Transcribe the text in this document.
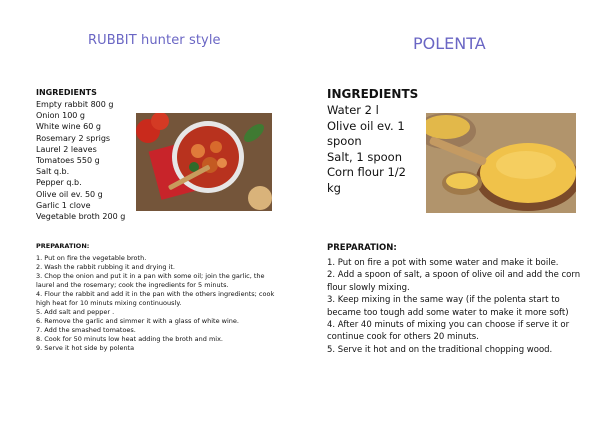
RUBBIT hunter style
INGREDIENTS
Empty rabbit 800 g
Onion 100 g
White wine 60 g
Rosemary 2 sprigs
Laurel 2 leaves
Tomatoes 550 g
Salt q.b.
Pepper q.b.
Olive oil ev. 50 g
Garlic 1 clove
Vegetable broth 200 g
PREPARATION:
1. Put on fire the vegetable broth.
2. Wash the rabbit rubbing it and drying it.
3. Chop the onion and put it in a pan with some oil; join the garlic, the laurel and the rosemary; cook the ingredients for 5 minuts.
4. Flour the rabbit and add it in the pan with the others ingredients; cook high heat for 10 minuts mixing continuously.
5. Add salt and pepper .
6. Remove the garlic and simmer it with a glass of white wine.
7. Add the smashed tomatoes.
8. Cook for 50 minuts low heat adding the broth and mix.
9. Serve it hot side by polenta
POLENTA
INGREDIENTS
Water 2 l
Olive oil ev. 1 spoon
Salt, 1 spoon
Corn flour 1/2 kg
PREPARATION:
1. Put on fire a pot with some water and make it boile.
2. Add a spoon of salt, a spoon of olive oil and add the corn flour slowly mixing.
3. Keep mixing in the same way (if the polenta start to became too tough add some water to make it more soft)
4. After 40 minuts of mixing you can choose if serve it or continue cook for others 20 minuts.
5. Serve it hot and on the traditional chopping wood.
